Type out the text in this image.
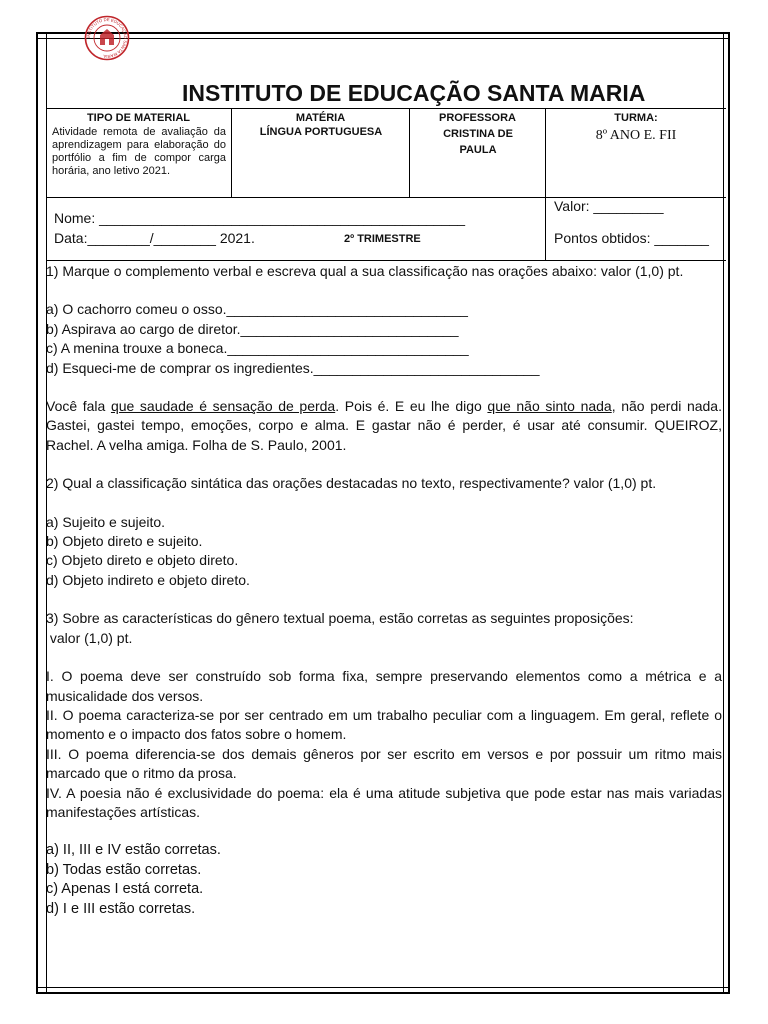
INSTITUTO DE EDUCAÇÃO SANTA MARIA
INSTITUTO DE EDUCAÇÃO SANTA MARIA
TIPO DE MATERIAL
Atividade remota de avaliação da aprendizagem para elaboração do portfólio a fim de compor carga horária, ano letivo 2021.
MATÉRIA
LÍNGUA PORTUGUESA
PROFESSORA
CRISTINA DE
PAULA
TURMA:
8º ANO E. FII
Nome: _______________________________________________
Data:________/________ 2021.	2º TRIMESTRE
Valor: _________
Pontos obtidos: _______

1) Marque o complemento verbal e escreva qual a sua classificação nas orações abaixo: valor (1,0) pt.

a) O cachorro comeu o osso._______________________________

b) Aspirava ao cargo de diretor.____________________________

c) A menina trouxe a boneca._______________________________

d) Esqueci-me de comprar os ingredientes._____________________________

Você fala que saudade é sensação de perda. Pois é. E eu lhe digo que não sinto nada, não perdi nada. Gastei, gastei tempo, emoções, corpo e alma. E gastar não é perder, é usar até consumir. QUEIROZ, Rachel. A velha amiga. Folha de S. Paulo, 2001.

2) Qual a classificação sintática das orações destacadas no texto, respectivamente? valor (1,0) pt.

a) Sujeito e sujeito.

b) Objeto direto e sujeito.

c) Objeto direto e objeto direto.

d) Objeto indireto e objeto direto.

3) Sobre as características do gênero textual poema, estão corretas as seguintes proposições:

valor (1,0) pt.

I. O poema deve ser construído sob forma fixa, sempre preservando elementos como a métrica e a musicalidade dos versos.

II. O poema caracteriza-se por ser centrado em um trabalho peculiar com a linguagem. Em geral, reflete o momento e o impacto dos fatos sobre o homem.

III. O poema diferencia-se dos demais gêneros por ser escrito em versos e por possuir um ritmo mais marcado que o ritmo da prosa.

IV. A poesia não é exclusividade do poema: ela é uma atitude subjetiva que pode estar nas mais variadas manifestações artísticas.

a) II, III e IV estão corretas.

b) Todas estão corretas.

c) Apenas I está correta.

d) I e III estão corretas.
